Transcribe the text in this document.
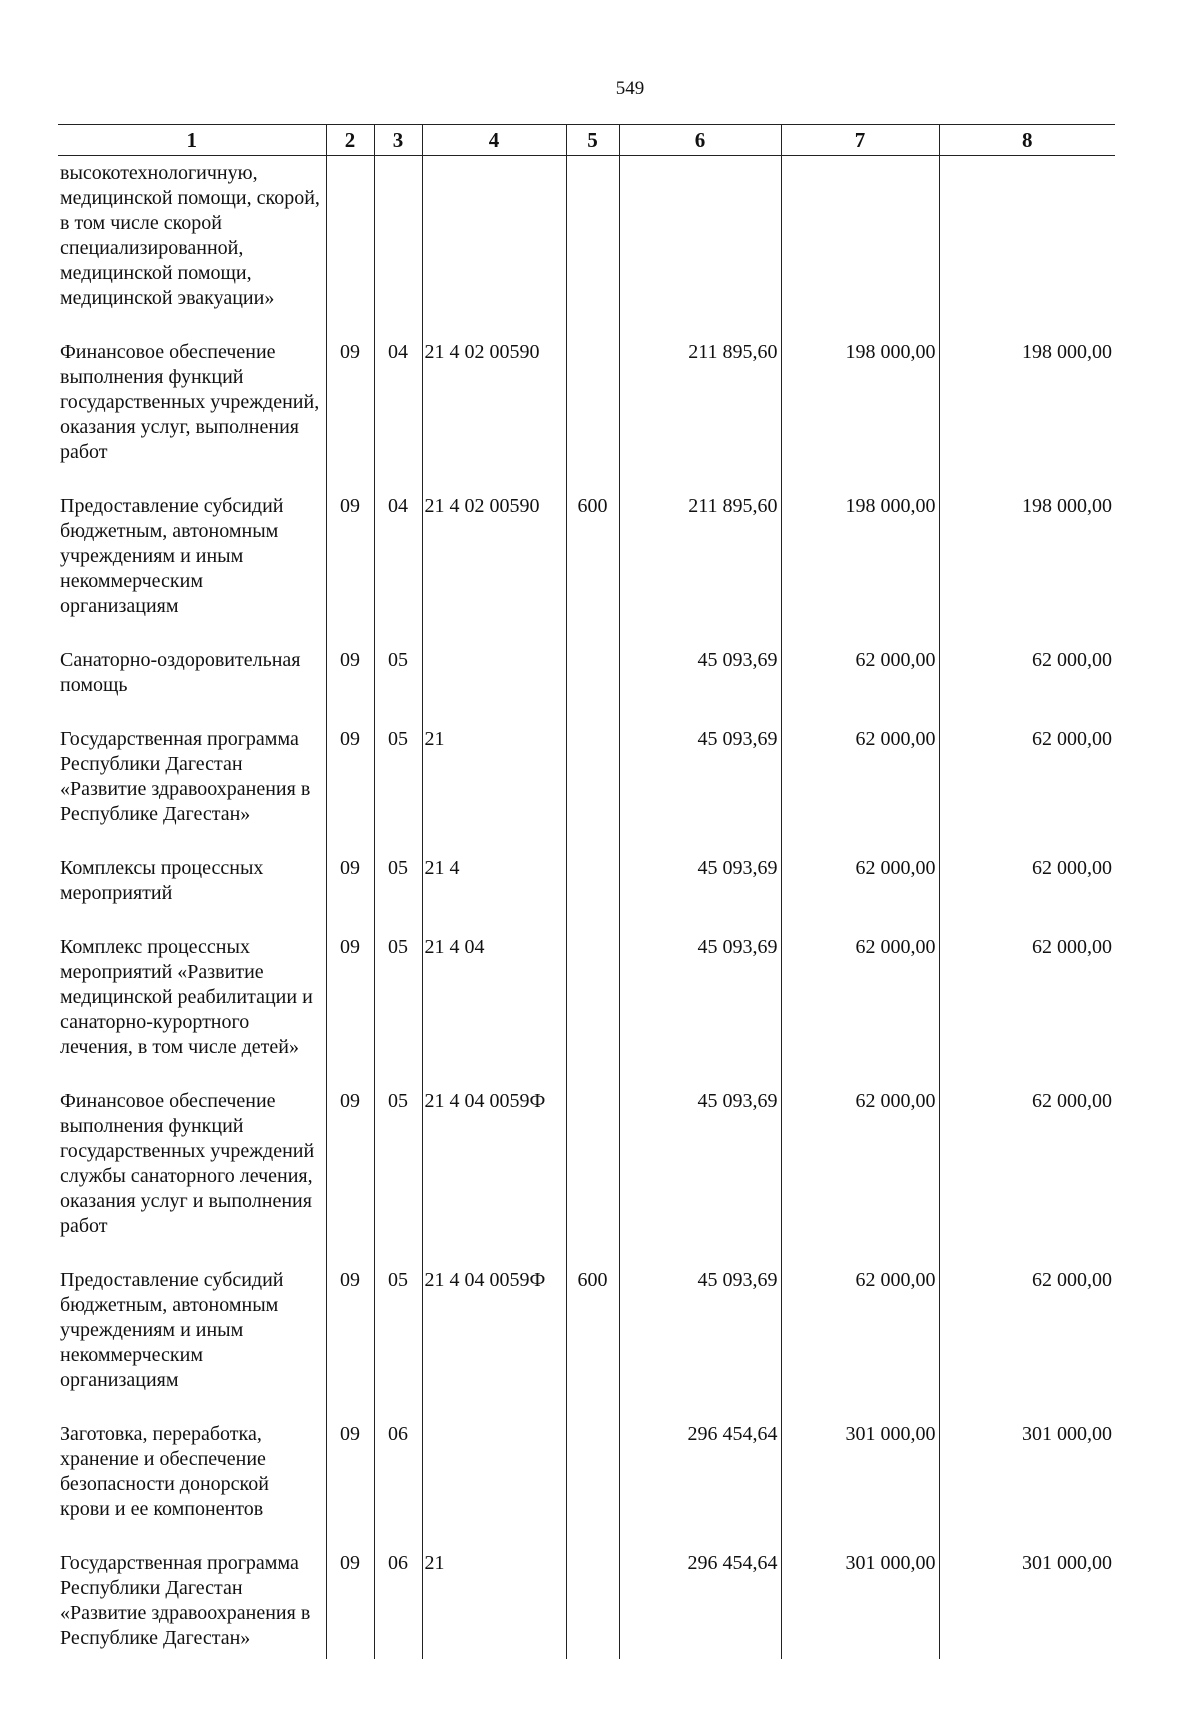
549
1	2	3	4	5	6	7	8
высокотехнологичную, медицинской помощи, скорой, в том числе скорой специализированной, медицинской помощи, медицинской эвакуации»							
Финансовое обеспечение выполнения функций государственных учреждений, оказания услуг, выполнения работ	09	04	21 4 02 00590		211 895,60	198 000,00	198 000,00
Предоставление субсидий бюджетным, автономным учреждениям и иным некоммерческим организациям	09	04	21 4 02 00590	600	211 895,60	198 000,00	198 000,00
Санаторно-оздоровительная помощь	09	05			45 093,69	62 000,00	62 000,00
Государственная программа Республики Дагестан «Развитие здравоохранения в Республике Дагестан»	09	05	21		45 093,69	62 000,00	62 000,00
Комплексы процессных мероприятий	09	05	21 4		45 093,69	62 000,00	62 000,00
Комплекс процессных мероприятий «Развитие медицинской реабилитации и санаторно-курортного лечения, в том числе детей»	09	05	21 4 04		45 093,69	62 000,00	62 000,00
Финансовое обеспечение выполнения функций государственных учреждений службы санаторного лечения, оказания услуг и выполнения работ	09	05	21 4 04 0059Ф		45 093,69	62 000,00	62 000,00
Предоставление субсидий бюджетным, автономным учреждениям и иным некоммерческим организациям	09	05	21 4 04 0059Ф	600	45 093,69	62 000,00	62 000,00
Заготовка, переработка, хранение и обеспечение безопасности донорской крови и ее компонентов	09	06			296 454,64	301 000,00	301 000,00
Государственная программа Республики Дагестан «Развитие здравоохранения в Республике Дагестан»	09	06	21		296 454,64	301 000,00	301 000,00
